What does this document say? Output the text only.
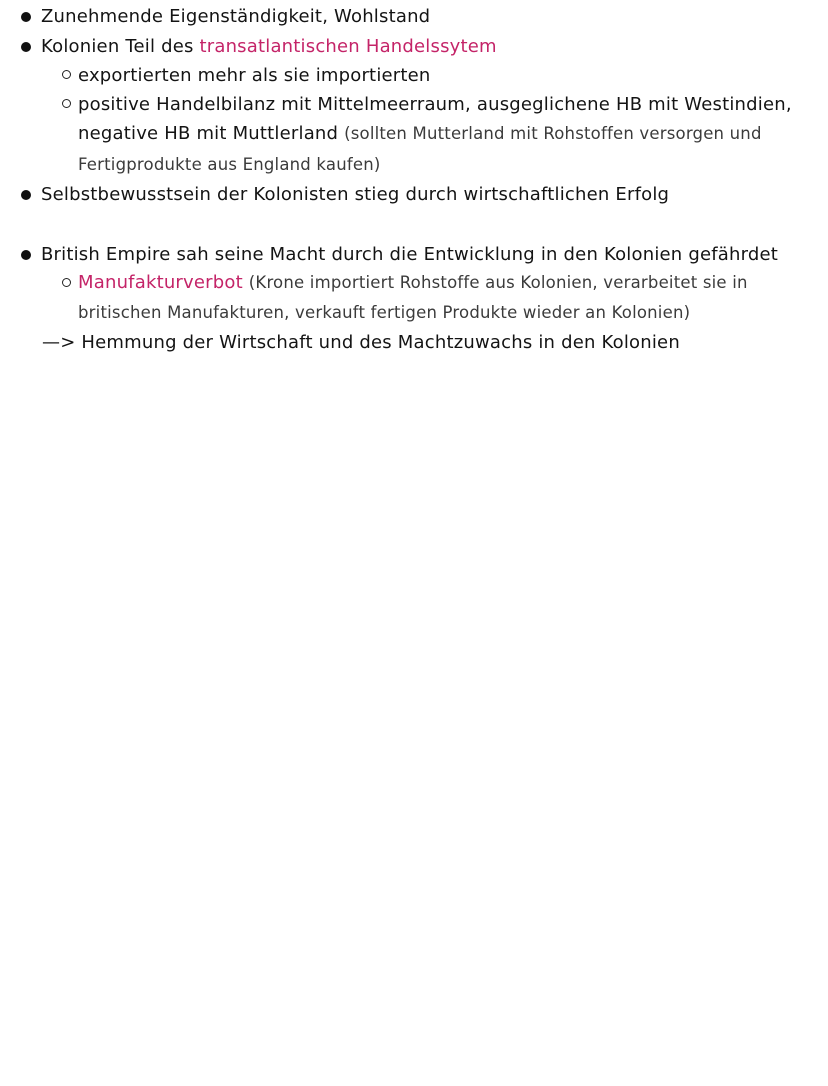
Zunehmende Eigenständigkeit, Wohlstand
Kolonien Teil des transatlantischen Handelssytem
exportierten mehr als sie importierten
positive Handelbilanz mit Mittelmeerraum, ausgeglichene HB mit Westindien,
negative HB mit Muttlerland (sollten Mutterland mit Rohstoffen versorgen und
Fertigprodukte aus England kaufen)
Selbstbewusstsein der Kolonisten stieg durch wirtschaftlichen Erfolg
British Empire sah seine Macht durch die Entwicklung in den Kolonien gefährdet
Manufakturverbot (Krone importiert Rohstoffe aus Kolonien, verarbeitet sie in
britischen Manufakturen, verkauft fertigen Produkte wieder an Kolonien)
—> Hemmung der Wirtschaft und des Machtzuwachs in den Kolonien
